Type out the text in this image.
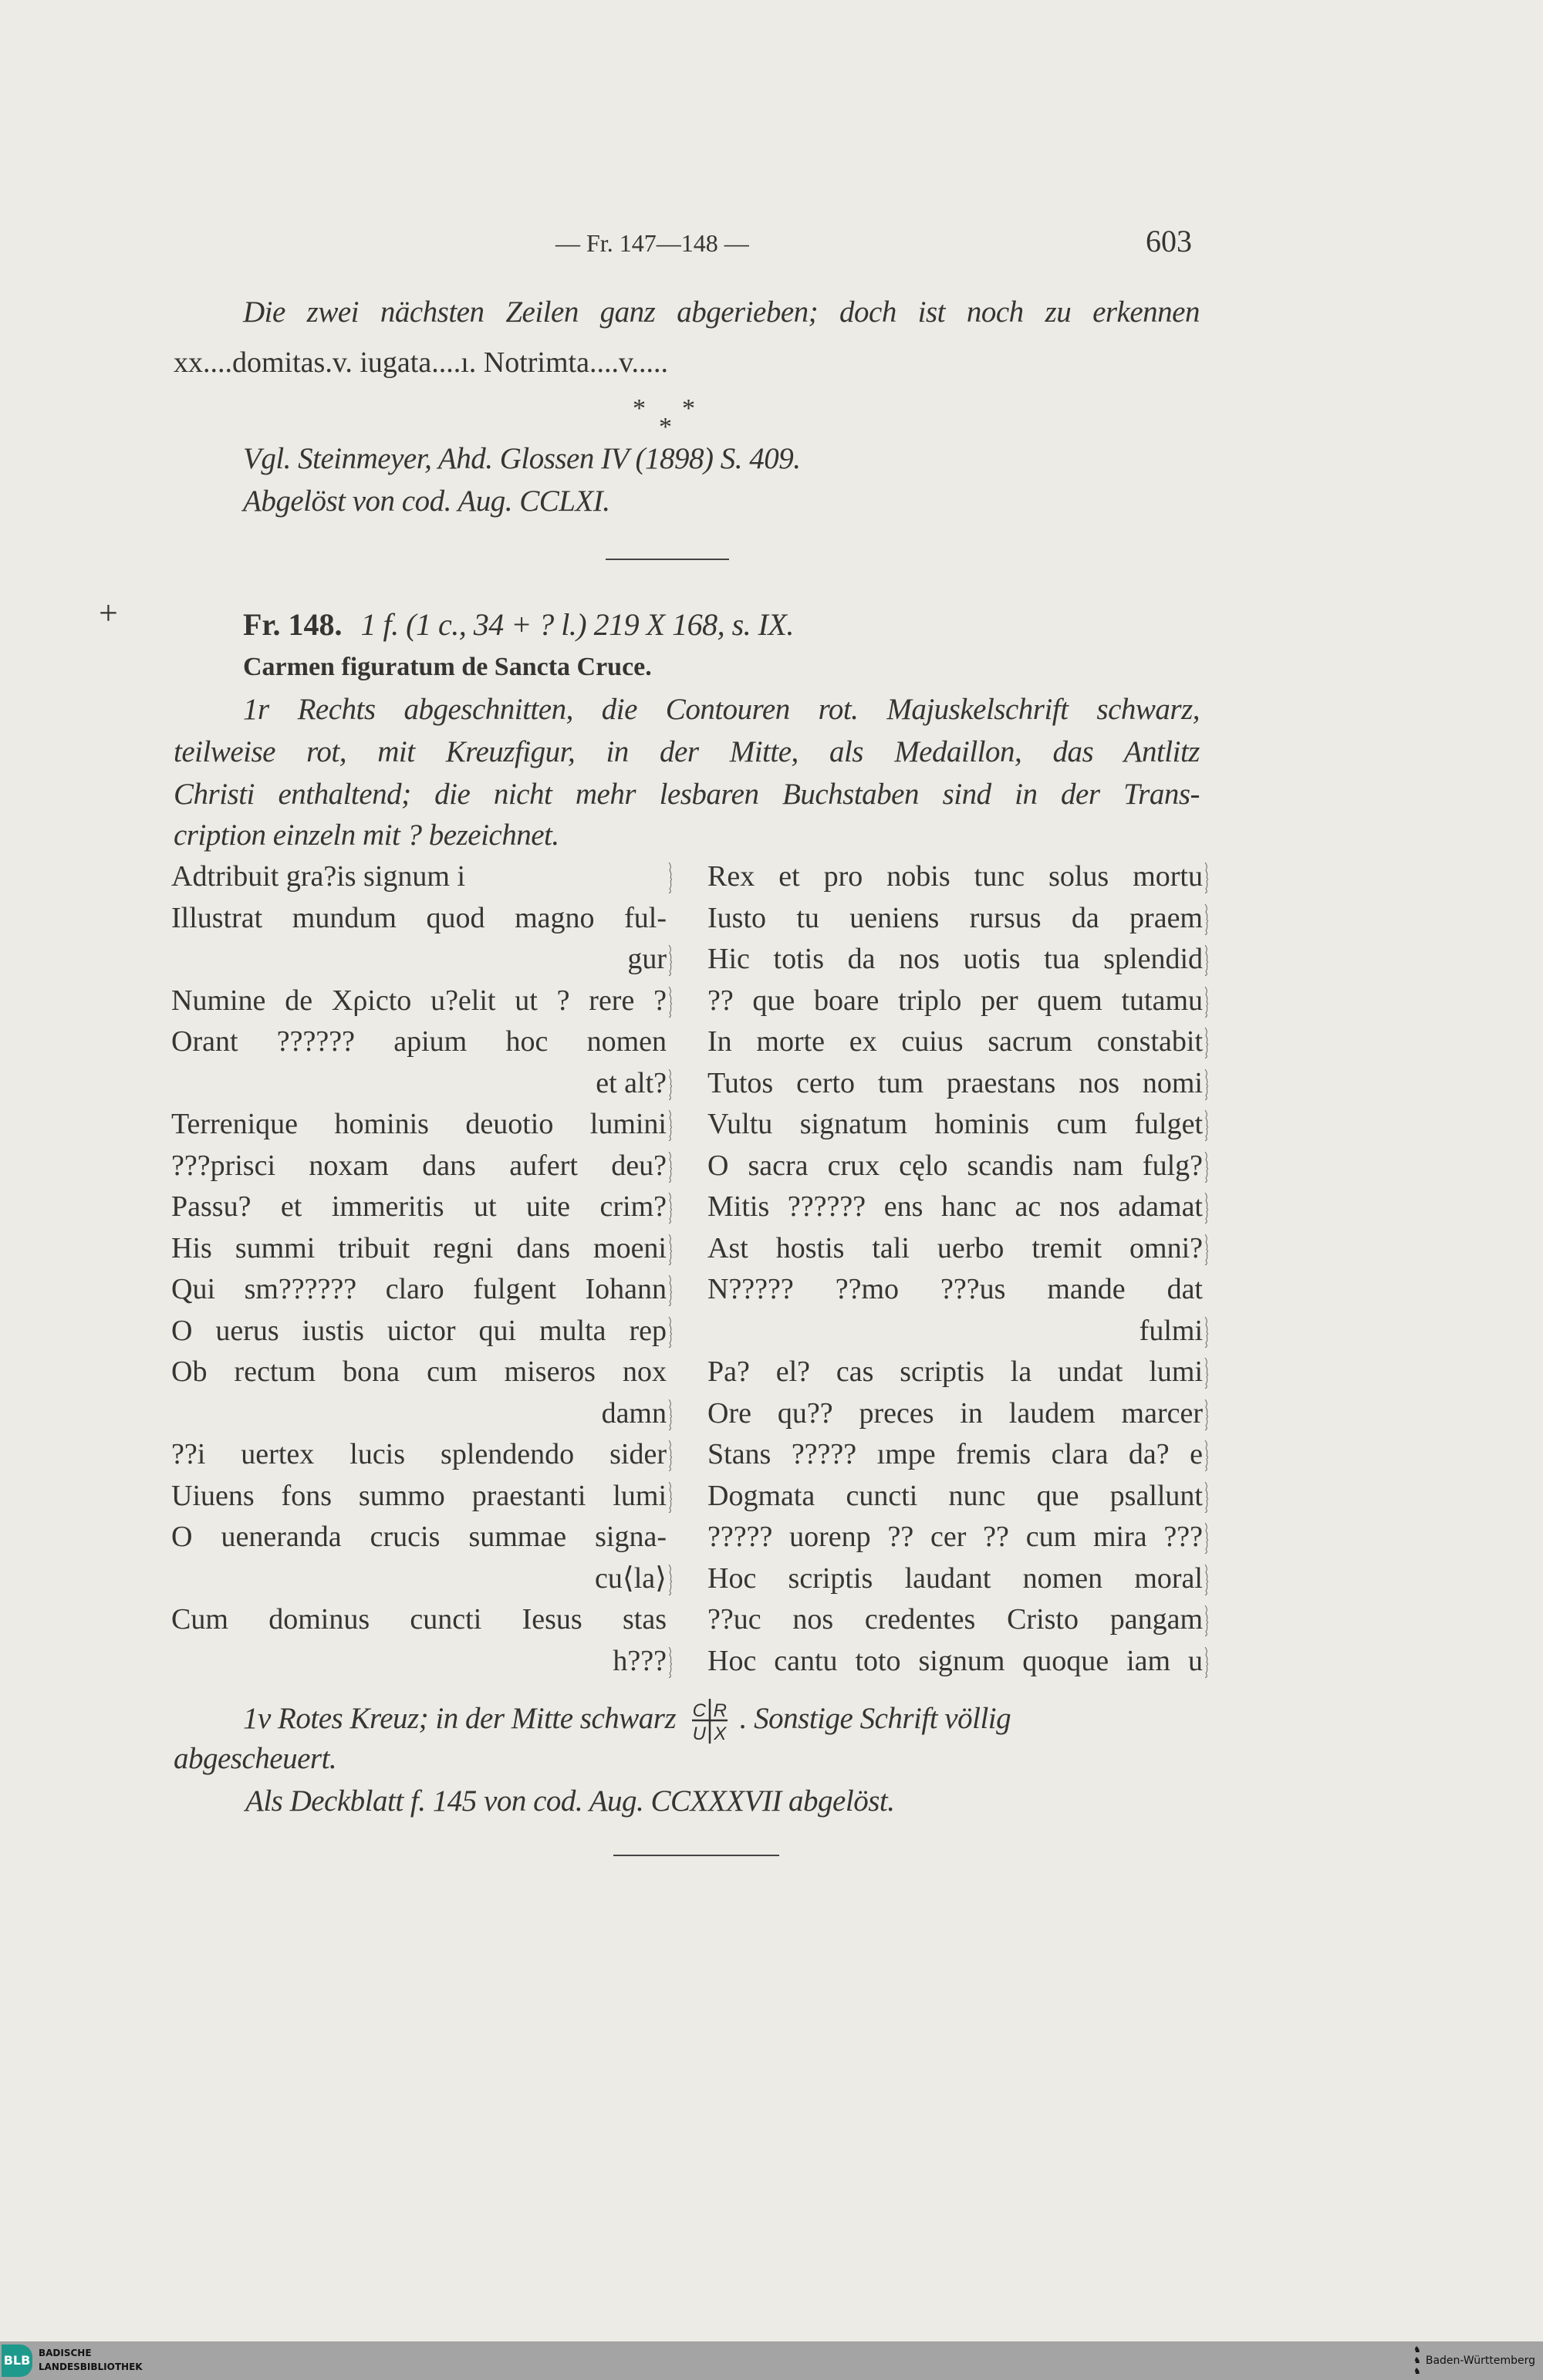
— Fr. 147—148 —	603
Die zwei nächsten Zeilen ganz abgerieben; doch ist noch zu erkennen
xx....domitas.v. iugata....ı. Notrimta....v.....
* *
*
Vgl. Steinmeyer, Ahd. Glossen IV (1898) S. 409.
Abgelöst von cod. Aug. CCLXI.
+	Fr. 148. 1 f. (1 c., 34 + ? l.) 219 X 168, s. IX.
Carmen figuratum de Sancta Cruce.
1r Rechts abgeschnitten, die Contouren rot. Majuskelschrift schwarz,
teilweise rot, mit Kreuzfigur, in der Mitte, als Medaillon, das Antlitz
Christi enthaltend; die nicht mehr lesbaren Buchstaben sind in der Trans-
cription einzeln mit ? bezeichnet.
Adtribuit gra?is signum i
Illustrat mundum quod magno ful-
gur
Numine de Xρicto u?elit ut ? rere ?
Orant ?????? apium hoc nomen
et alt?
Terrenique hominis deuotio lumini
???prisci noxam dans aufert deu?
Passu? et immeritis ut uite crim?
His summi tribuit regni dans moeni
Qui sm?????? claro fulgent Iohann
O uerus iustis uictor qui multa rep
Ob rectum bona cum miseros nox
damn
??i uertex lucis splendendo sider
Uiuens fons summo praestanti lumi
O ueneranda crucis summae signa-
cu⟨la⟩
Cum dominus cuncti Iesus stas
h???
Rex et pro nobis tunc solus mortu
Iusto tu ueniens rursus da praem
Hic totis da nos uotis tua splendid
?? que boare triplo per quem tutamu
In morte ex cuius sacrum constabit
Tutos certo tum praestans nos nomi
Vultu signatum hominis cum fulget
O sacra crux cęlo scandis nam fulg?
Mitis ?????? ens hanc ac nos adamat
Ast hostis tali uerbo tremit omni?
N????? ??mo ???us mande dat
fulmi
Pa? el? cas scriptis la undat lumi
Ore qu?? preces in laudem marcer
Stans ????? ımpe fremis clara da? e
Dogmata cuncti nunc que psallunt
????? uorenp ?? cer ?? cum mira ???
Hoc scriptis laudant nomen moral
??uc nos credentes Cristo pangam
Hoc cantu toto signum quoque iam u
1v Rotes Kreuz; in der Mitte schwarz C R
U X . Sonstige Schrift völlig
abgescheuert.
Als Deckblatt f. 145 von cod. Aug. CCXXXVII abgelöst.
BLB BADISCHE
LANDESBIBLIOTHEK
♞
♞
♞
Baden-Württemberg
